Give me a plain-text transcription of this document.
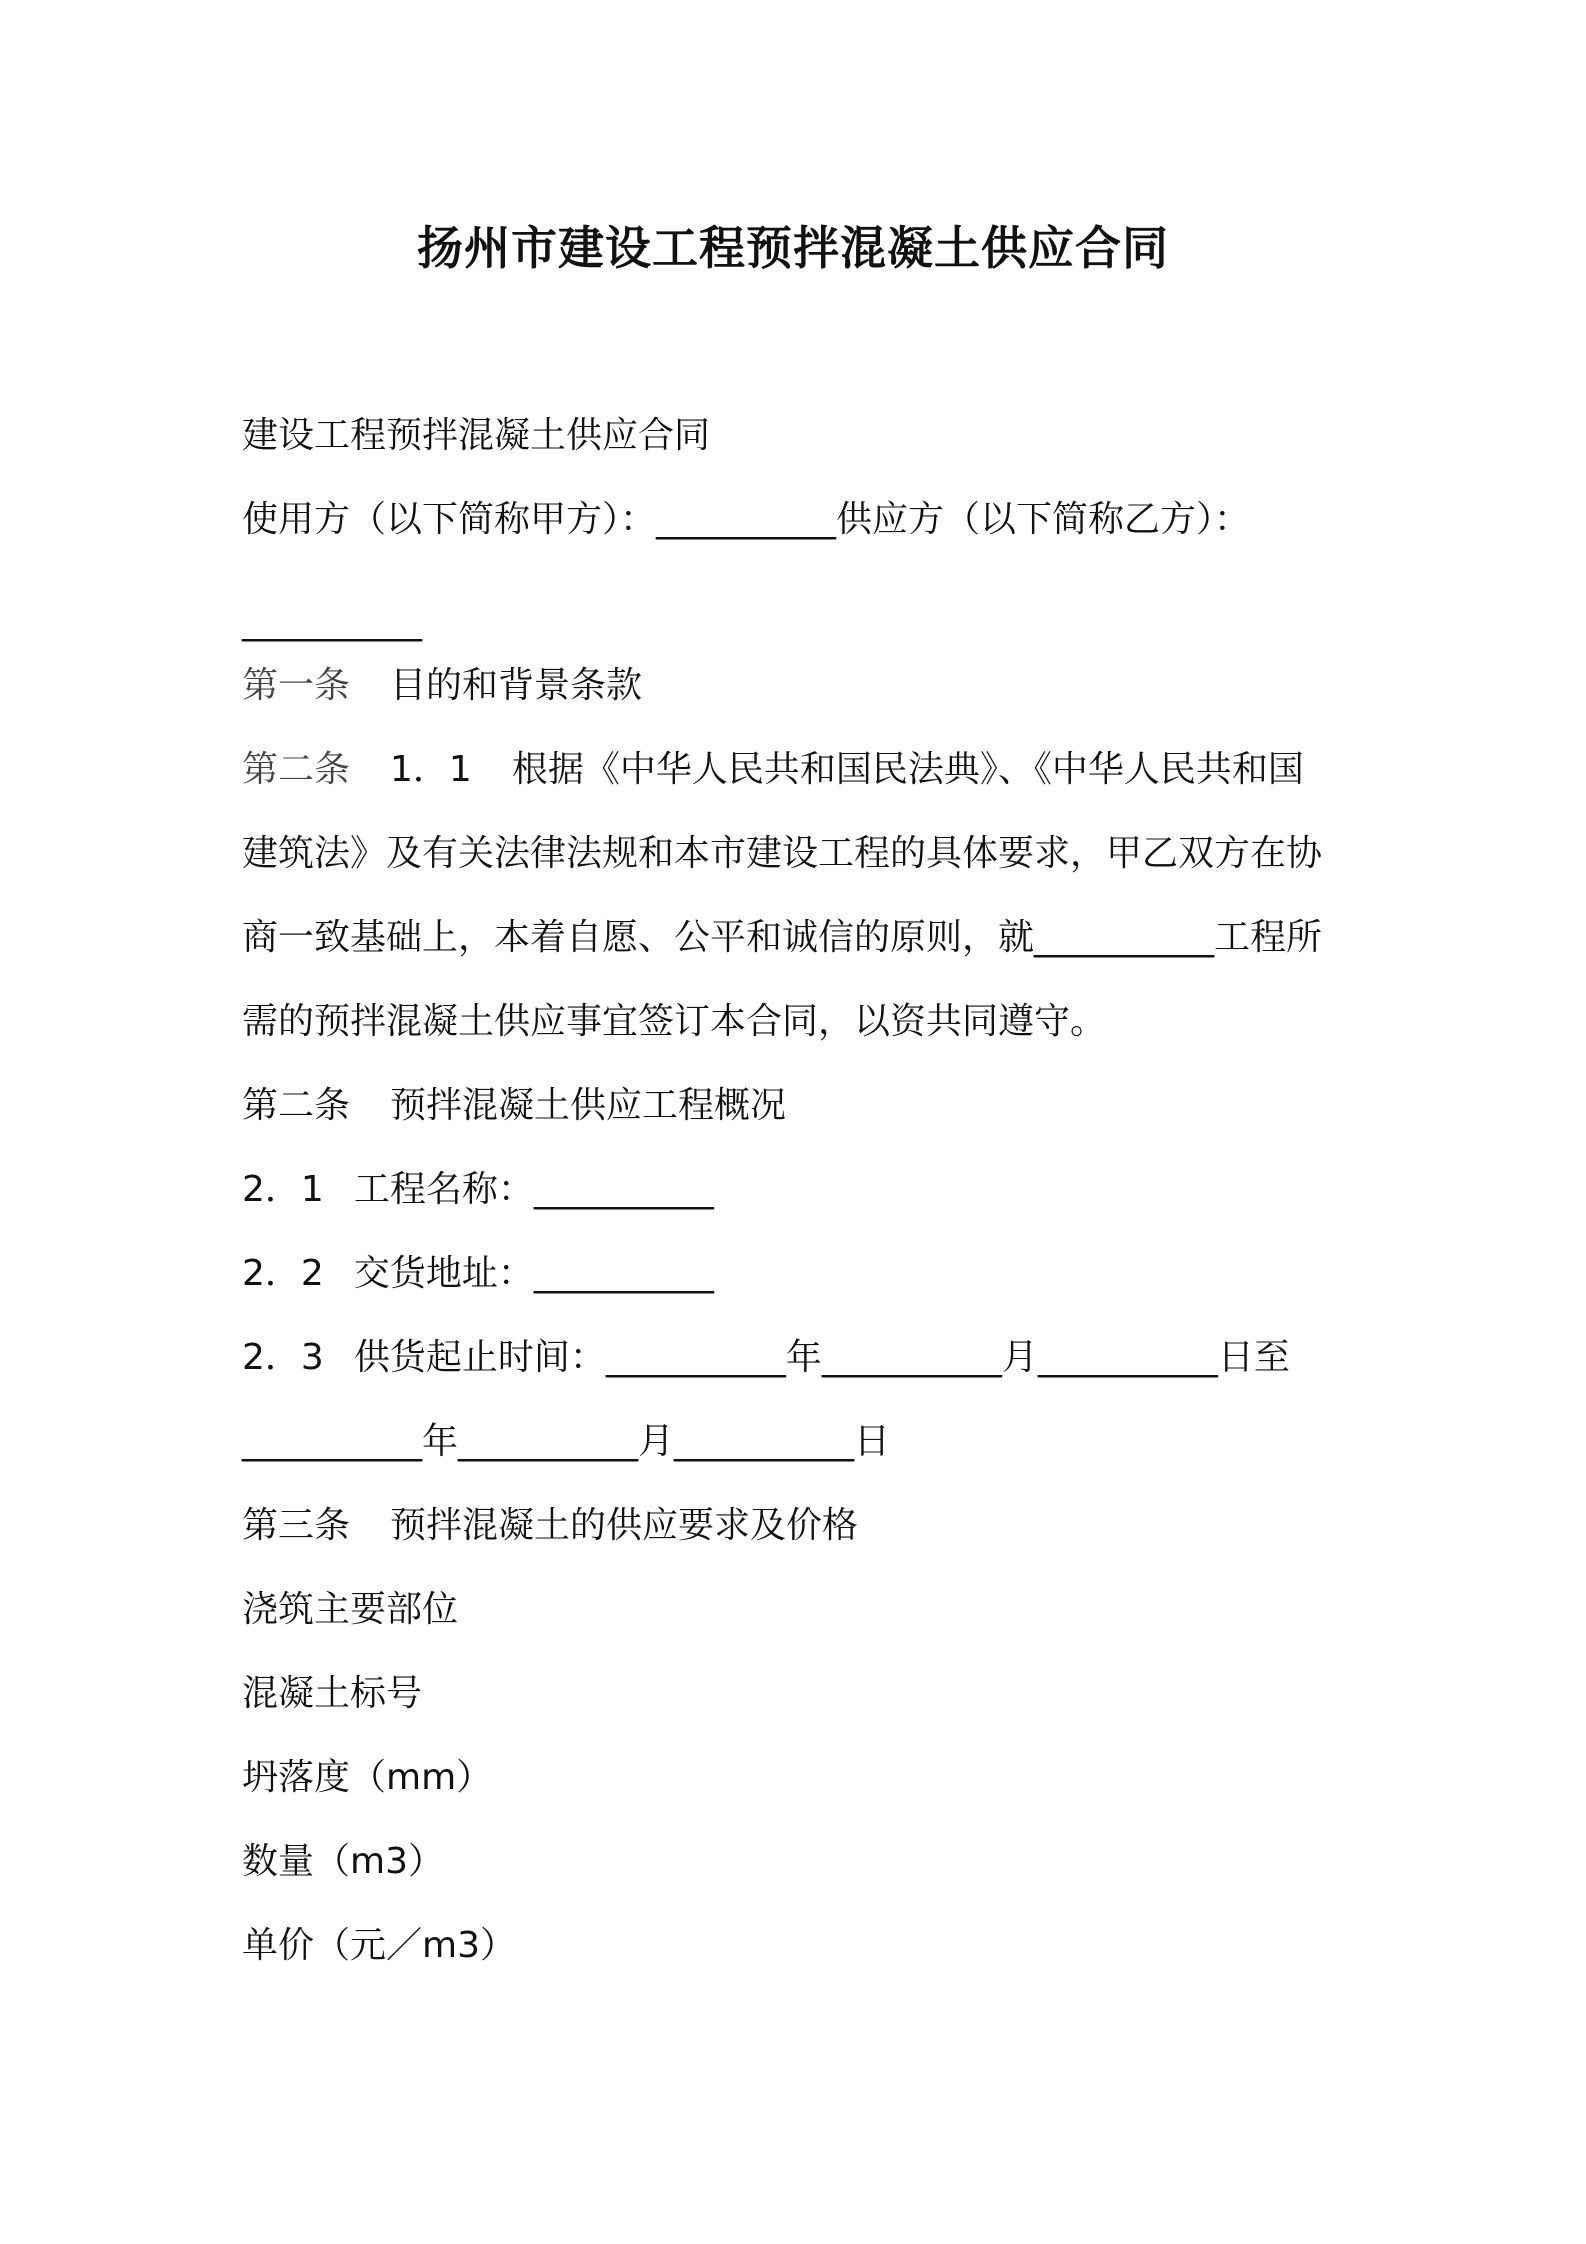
扬州市建设工程预拌混凝土供应合同

建设工程预拌混凝土供应合同

使用方（以下简称甲方）：__________供应方（以下简称乙方）：

__________

第一条 目的和背景条款

第二条 1．1 根据《中华人民共和国民法典》、《中华人民共和国

建筑法》及有关法律法规和本市建设工程的具体要求，甲乙双方在协

商一致基础上，本着自愿、公平和诚信的原则，就__________工程所

需的预拌混凝土供应事宜签订本合同，以资共同遵守。

第二条 预拌混凝土供应工程概况

2．1 工程名称：__________

2．2 交货地址：__________

2．3 供货起止时间：__________年__________月__________日至

__________年__________月__________日

第三条 预拌混凝土的供应要求及价格

浇筑主要部位

混凝土标号

坍落度（mm）

数量（m3）

单价（元／m3）
